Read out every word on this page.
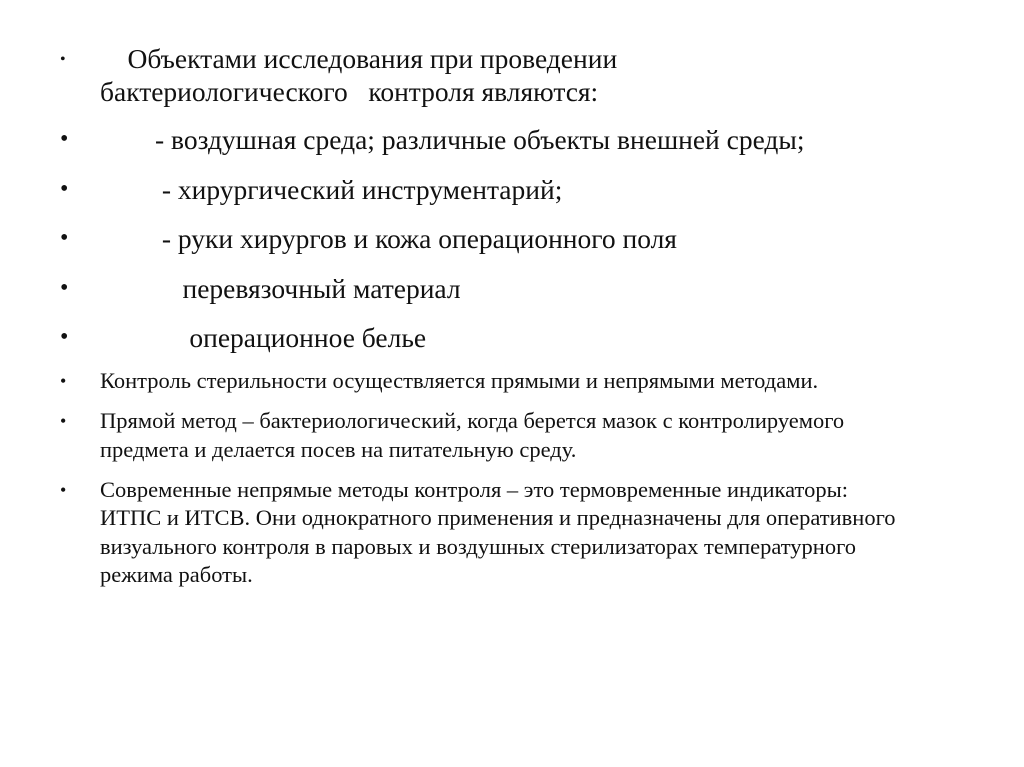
• Объектами исследования при проведении бактериологического   контроля являются:
• - воздушная среда; различные объекты внешней среды;
• - хирургический инструментарий;
• - руки хирургов и кожа операционного поля
• перевязочный материал
• операционное белье
• Контроль стерильности осуществляется прямыми и непрямыми методами.
• Прямой метод – бактериологический, когда берется мазок с контролируемого предмета и делается посев на питательную среду.
• Современные непрямые методы контроля – это термовременные индикаторы: ИТПС и ИТСВ. Они однократного применения и предназначены для оперативного визуального контроля в паровых и воздушных стерилизаторах температурного режима работы.
